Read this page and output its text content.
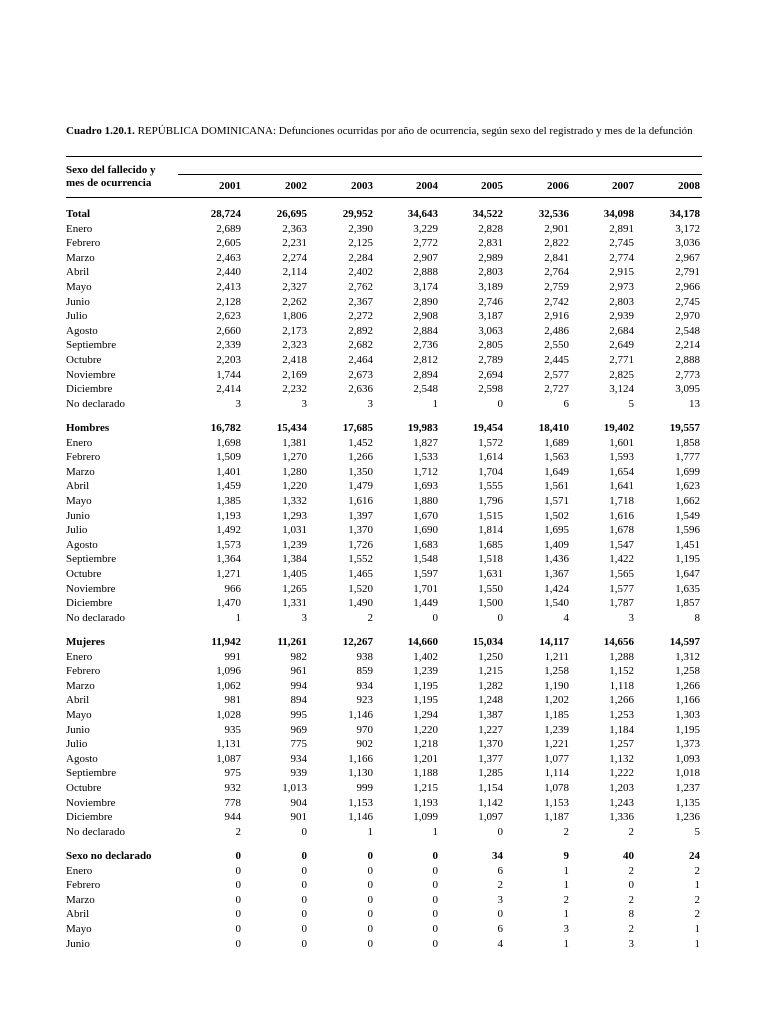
Cuadro 1.20.1. REPÚBLICA DOMINICANA: Defunciones ocurridas por año de ocurrencia, según sexo del registrado y mes de la defunción
Sexo del fallecido y
mes de ocurrencia	2001	2002	2003	2004	2005	2006	2007	2008
Total	28,724	26,695	29,952	34,643	34,522	32,536	34,098	34,178
Enero	2,689	2,363	2,390	3,229	2,828	2,901	2,891	3,172
Febrero	2,605	2,231	2,125	2,772	2,831	2,822	2,745	3,036
Marzo	2,463	2,274	2,284	2,907	2,989	2,841	2,774	2,967
Abril	2,440	2,114	2,402	2,888	2,803	2,764	2,915	2,791
Mayo	2,413	2,327	2,762	3,174	3,189	2,759	2,973	2,966
Junio	2,128	2,262	2,367	2,890	2,746	2,742	2,803	2,745
Julio	2,623	1,806	2,272	2,908	3,187	2,916	2,939	2,970
Agosto	2,660	2,173	2,892	2,884	3,063	2,486	2,684	2,548
Septiembre	2,339	2,323	2,682	2,736	2,805	2,550	2,649	2,214
Octubre	2,203	2,418	2,464	2,812	2,789	2,445	2,771	2,888
Noviembre	1,744	2,169	2,673	2,894	2,694	2,577	2,825	2,773
Diciembre	2,414	2,232	2,636	2,548	2,598	2,727	3,124	3,095
No declarado	3	3	3	1	0	6	5	13
Hombres	16,782	15,434	17,685	19,983	19,454	18,410	19,402	19,557
Enero	1,698	1,381	1,452	1,827	1,572	1,689	1,601	1,858
Febrero	1,509	1,270	1,266	1,533	1,614	1,563	1,593	1,777
Marzo	1,401	1,280	1,350	1,712	1,704	1,649	1,654	1,699
Abril	1,459	1,220	1,479	1,693	1,555	1,561	1,641	1,623
Mayo	1,385	1,332	1,616	1,880	1,796	1,571	1,718	1,662
Junio	1,193	1,293	1,397	1,670	1,515	1,502	1,616	1,549
Julio	1,492	1,031	1,370	1,690	1,814	1,695	1,678	1,596
Agosto	1,573	1,239	1,726	1,683	1,685	1,409	1,547	1,451
Septiembre	1,364	1,384	1,552	1,548	1,518	1,436	1,422	1,195
Octubre	1,271	1,405	1,465	1,597	1,631	1,367	1,565	1,647
Noviembre	966	1,265	1,520	1,701	1,550	1,424	1,577	1,635
Diciembre	1,470	1,331	1,490	1,449	1,500	1,540	1,787	1,857
No declarado	1	3	2	0	0	4	3	8
Mujeres	11,942	11,261	12,267	14,660	15,034	14,117	14,656	14,597
Enero	991	982	938	1,402	1,250	1,211	1,288	1,312
Febrero	1,096	961	859	1,239	1,215	1,258	1,152	1,258
Marzo	1,062	994	934	1,195	1,282	1,190	1,118	1,266
Abril	981	894	923	1,195	1,248	1,202	1,266	1,166
Mayo	1,028	995	1,146	1,294	1,387	1,185	1,253	1,303
Junio	935	969	970	1,220	1,227	1,239	1,184	1,195
Julio	1,131	775	902	1,218	1,370	1,221	1,257	1,373
Agosto	1,087	934	1,166	1,201	1,377	1,077	1,132	1,093
Septiembre	975	939	1,130	1,188	1,285	1,114	1,222	1,018
Octubre	932	1,013	999	1,215	1,154	1,078	1,203	1,237
Noviembre	778	904	1,153	1,193	1,142	1,153	1,243	1,135
Diciembre	944	901	1,146	1,099	1,097	1,187	1,336	1,236
No declarado	2	0	1	1	0	2	2	5
Sexo no declarado	0	0	0	0	34	9	40	24
Enero	0	0	0	0	6	1	2	2
Febrero	0	0	0	0	2	1	0	1
Marzo	0	0	0	0	3	2	2	2
Abril	0	0	0	0	0	1	8	2
Mayo	0	0	0	0	6	3	2	1
Junio	0	0	0	0	4	1	3	1
